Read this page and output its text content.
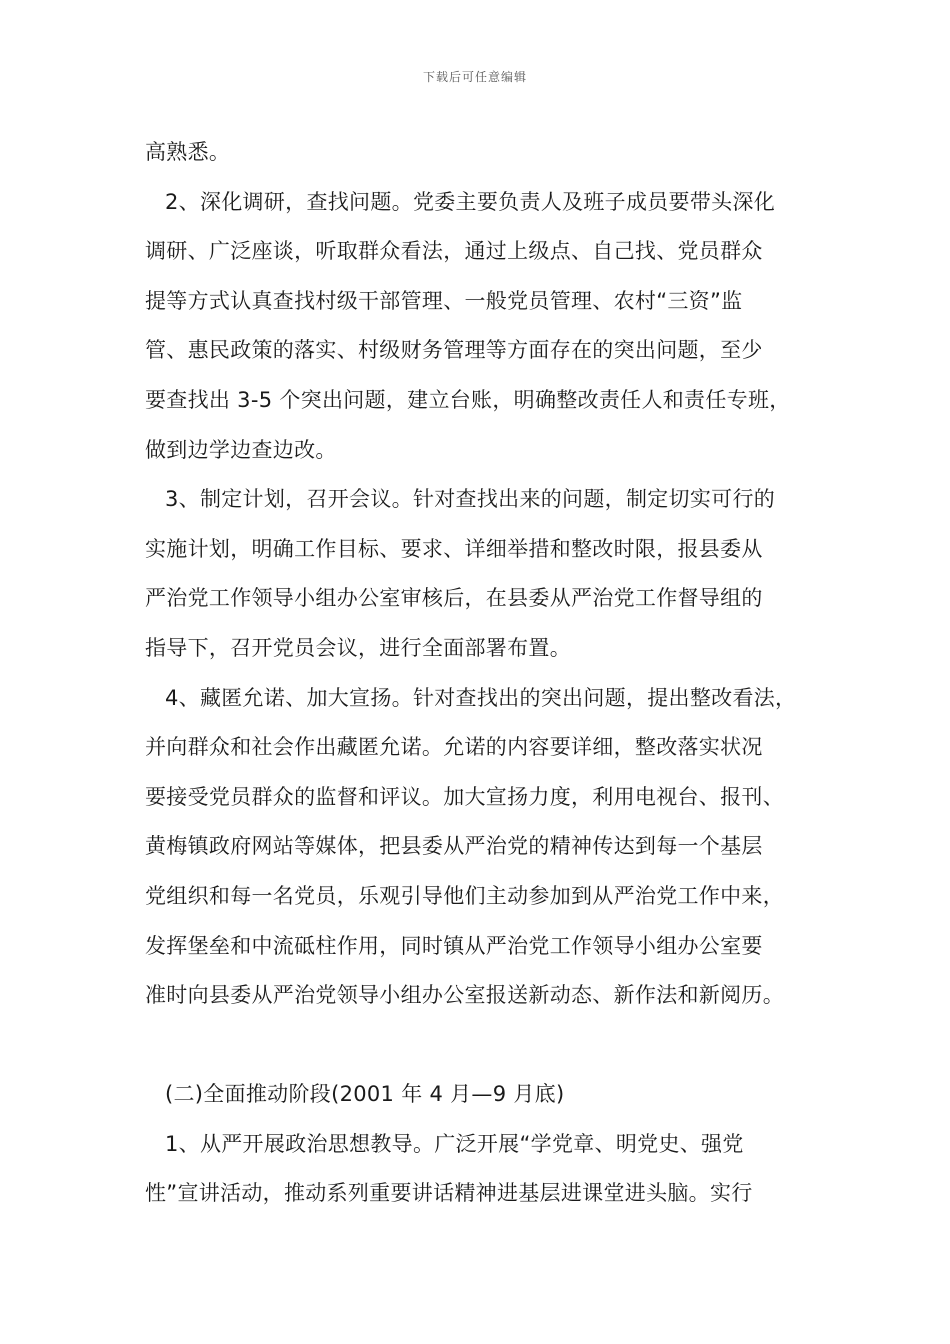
下载后可任意编辑
高熟悉。
2、深化调研，查找问题。党委主要负责人及班子成员要带头深化
调研、广泛座谈，听取群众看法，通过上级点、自己找、党员群众
提等方式认真查找村级干部管理、一般党员管理、农村“三资”监
管、惠民政策的落实、村级财务管理等方面存在的突出问题，至少
要查找出 3-5 个突出问题，建立台账，明确整改责任人和责任专班，
做到边学边查边改。
3、制定计划，召开会议。针对查找出来的问题，制定切实可行的
实施计划，明确工作目标、要求、详细举措和整改时限，报县委从
严治党工作领导小组办公室审核后，在县委从严治党工作督导组的
指导下，召开党员会议，进行全面部署布置。
4、藏匿允诺、加大宣扬。针对查找出的突出问题，提出整改看法，
并向群众和社会作出藏匿允诺。允诺的内容要详细，整改落实状况
要接受党员群众的监督和评议。加大宣扬力度，利用电视台、报刊、
黄梅镇政府网站等媒体，把县委从严治党的精神传达到每一个基层
党组织和每一名党员，乐观引导他们主动参加到从严治党工作中来，
发挥堡垒和中流砥柱作用，同时镇从严治党工作领导小组办公室要
准时向县委从严治党领导小组办公室报送新动态、新作法和新阅历。
(二)全面推动阶段(2001 年 4 月—9 月底)
1、从严开展政治思想教导。广泛开展“学党章、明党史、强党
性”宣讲活动，推动系列重要讲话精神进基层进课堂进头脑。实行
